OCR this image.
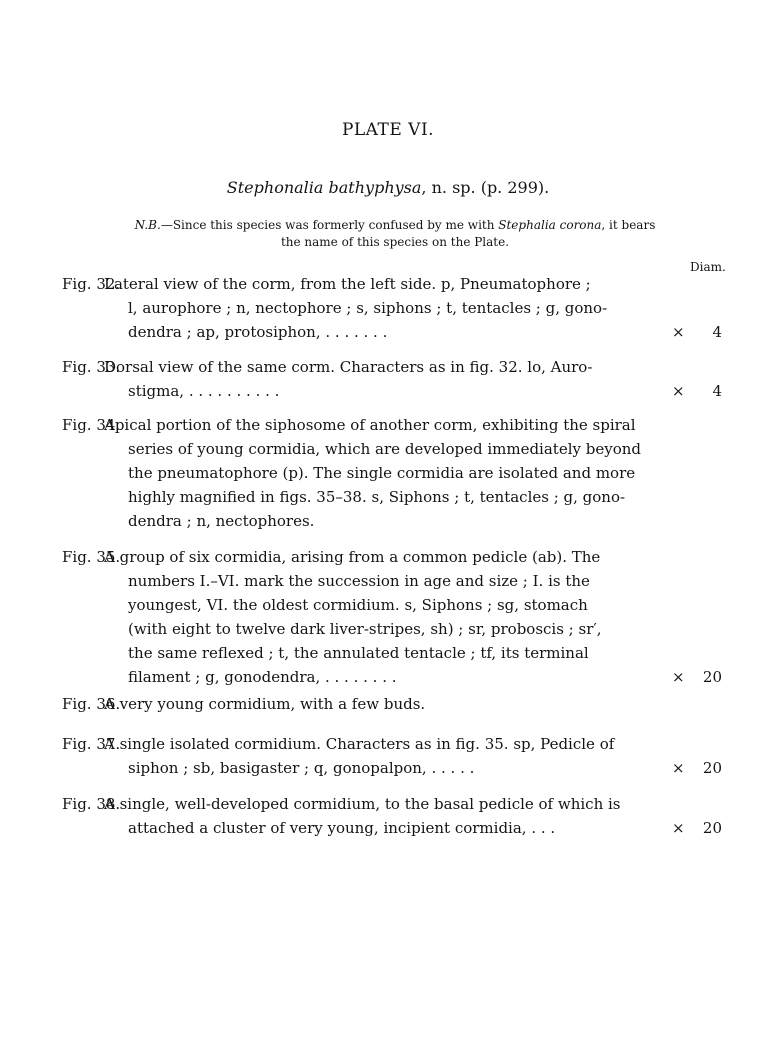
PLATE VI.
Stephonalia bathyphysa, n. sp. (p. 299).
N.B.—Since this species was formerly confused by me with Stephalia corona, it bears the name of this species on the Plate.
Diam.
Fig. 32.
Lateral view of the corm, from the left side. p, Pneumatophore ;
l, aurophore ; n, nectophore ; s, siphons ; t, tentacles ; g, gono-
dendra ; ap, protosiphon, . . . . . . .	× 4
Fig. 33.
Dorsal view of the same corm. Characters as in fig. 32. lo, Auro-
stigma, . . . . . . . . . .	× 4
Fig. 34.
Apical portion of the siphosome of another corm, exhibiting the spiral
series of young cormidia, which are developed immediately beyond
the pneumatophore (p). The single cormidia are isolated and more
highly magnified in figs. 35–38. s, Siphons ; t, tentacles ; g, gono-
dendra ; n, nectophores.
Fig. 35.
A group of six cormidia, arising from a common pedicle (ab). The
numbers I.–VI. mark the succession in age and size ; I. is the
youngest, VI. the oldest cormidium. s, Siphons ; sg, stomach
(with eight to twelve dark liver-stripes, sh) ; sr, proboscis ; sr′,
the same reflexed ; t, the annulated tentacle ; tf, its terminal
filament ; g, gonodendra, . . . . . . . .	× 20
Fig. 36.
A very young cormidium, with a few buds.
Fig. 37.
A single isolated cormidium. Characters as in fig. 35. sp, Pedicle of
siphon ; sb, basigaster ; q, gonopalpon, . . . . .	× 20
Fig. 38.
A single, well-developed cormidium, to the basal pedicle of which is
attached a cluster of very young, incipient cormidia, . . .	× 20
